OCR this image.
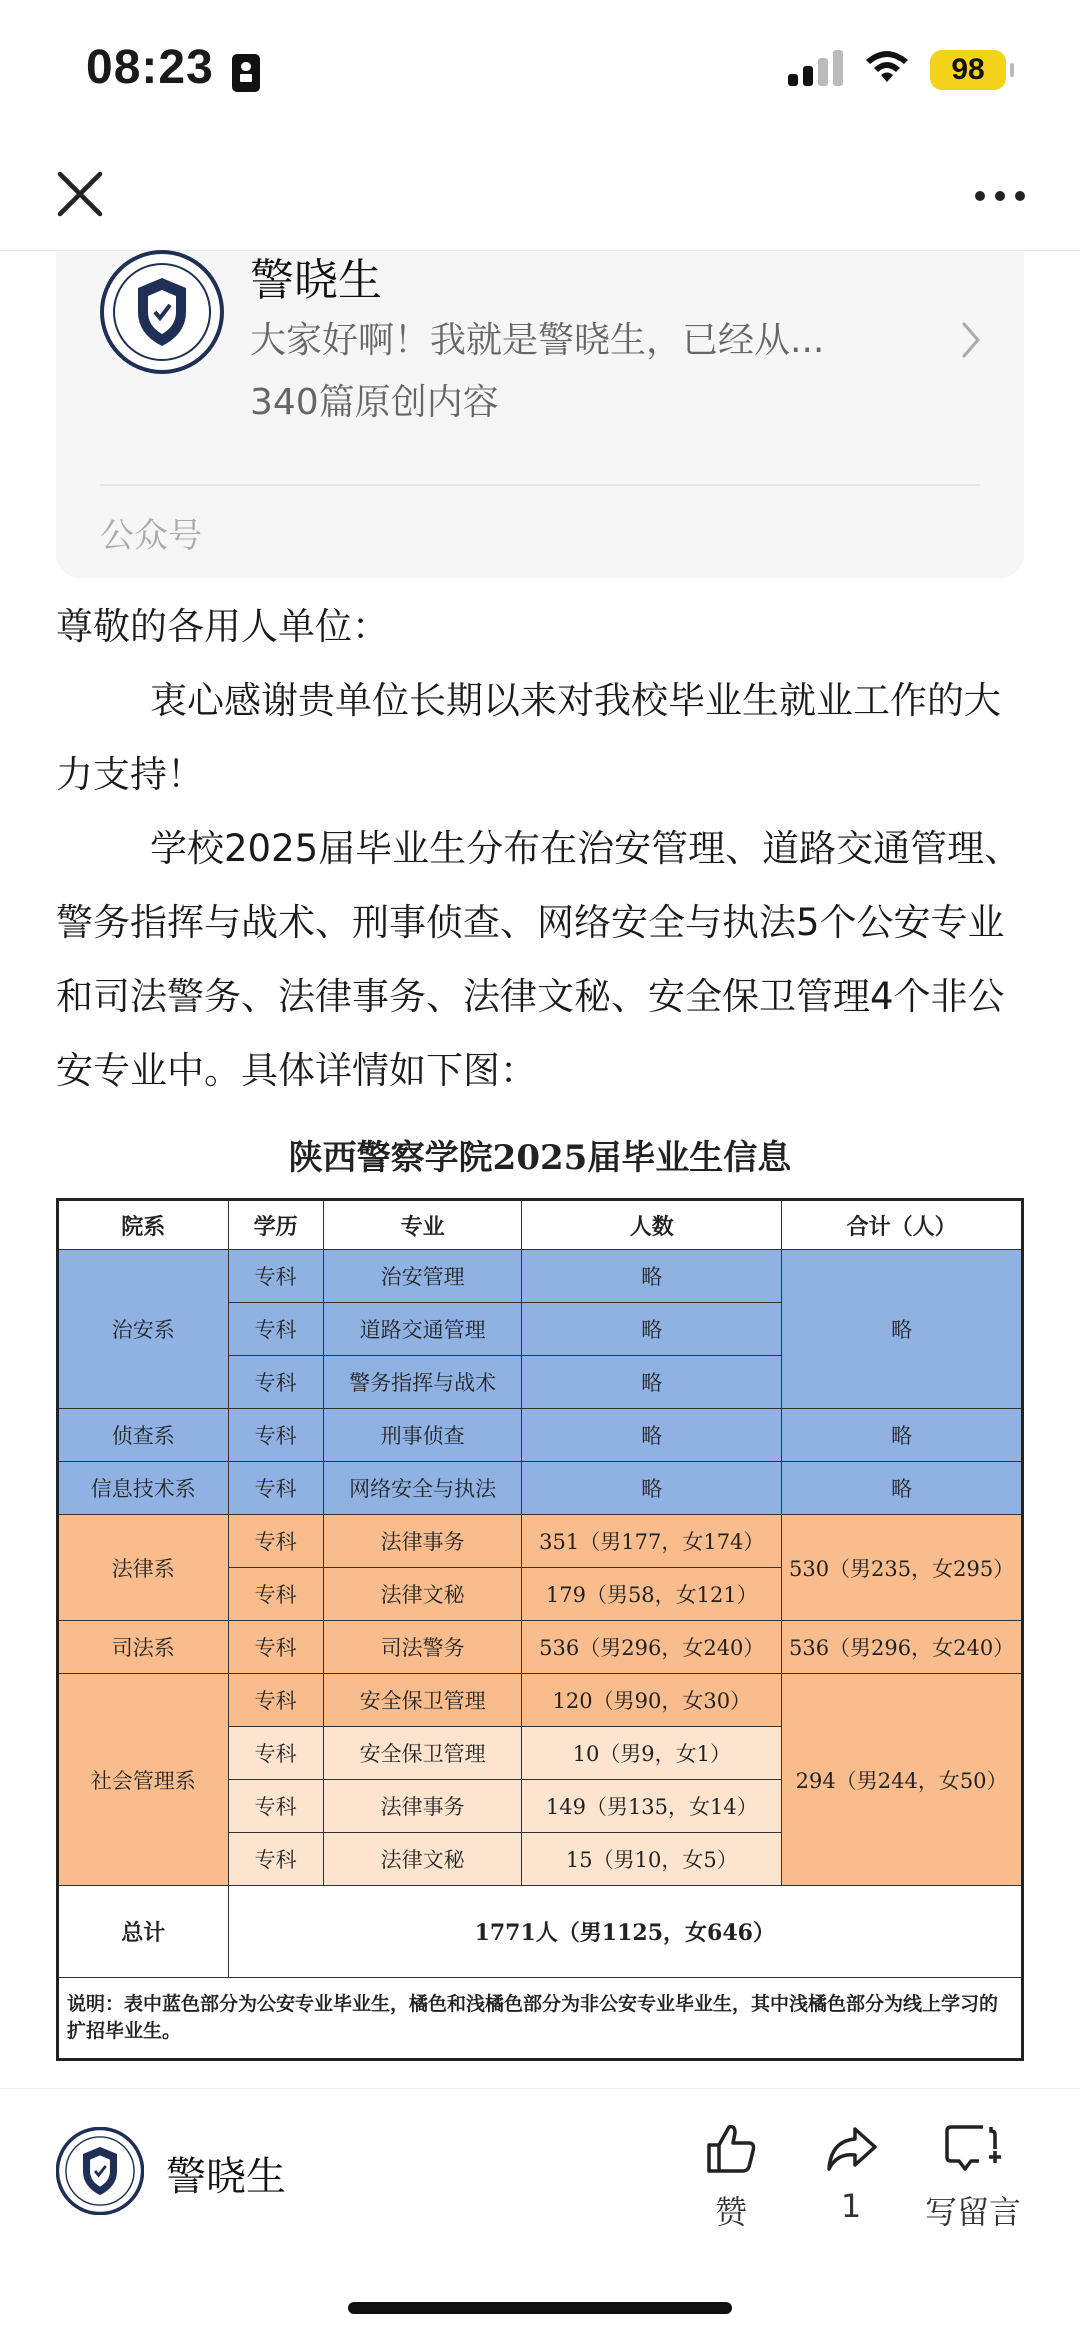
08:23	98
警晓生
大家好啊！我就是警晓生，已经从...
340篇原创内容
公众号

尊敬的各用人单位：

衷心感谢贵单位长期以来对我校毕业生就业工作的大力支持！

学校2025届毕业生分布在治安管理、道路交通管理、警务指挥与战术、刑事侦查、网络安全与执法5个公安专业和司法警务、法律事务、法律文秘、安全保卫管理4个非公安专业中。具体详情如下图：

陕西警察学院2025届毕业生信息
院系	学历	专业	人数	合计（人）
治安系	专科	治安管理	略	略
	专科	道路交通管理	略	
	专科	警务指挥与战术	略	
侦查系	专科	刑事侦查	略	略
信息技术系	专科	网络安全与执法	略	略
法律系	专科	法律事务	351（男177，女174）	530（男235，女295）
	专科	法律文秘	179（男58，女121）	
司法系	专科	司法警务	536（男296，女240）	536（男296，女240）
社会管理系	专科	安全保卫管理	120（男90，女30）	294（男244，女50）
	专科	安全保卫管理	10（男9，女1）	
	专科	法律事务	149（男135，女14）	
	专科	法律文秘	15（男10，女5）	
总计	1771人（男1125，女646）			
说明：表中蓝色部分为公安专业毕业生，橘色和浅橘色部分为非公安专业毕业生，其中浅橘色部分为线上学习的扩招毕业生。				
警晓生
赞	1	写留言
